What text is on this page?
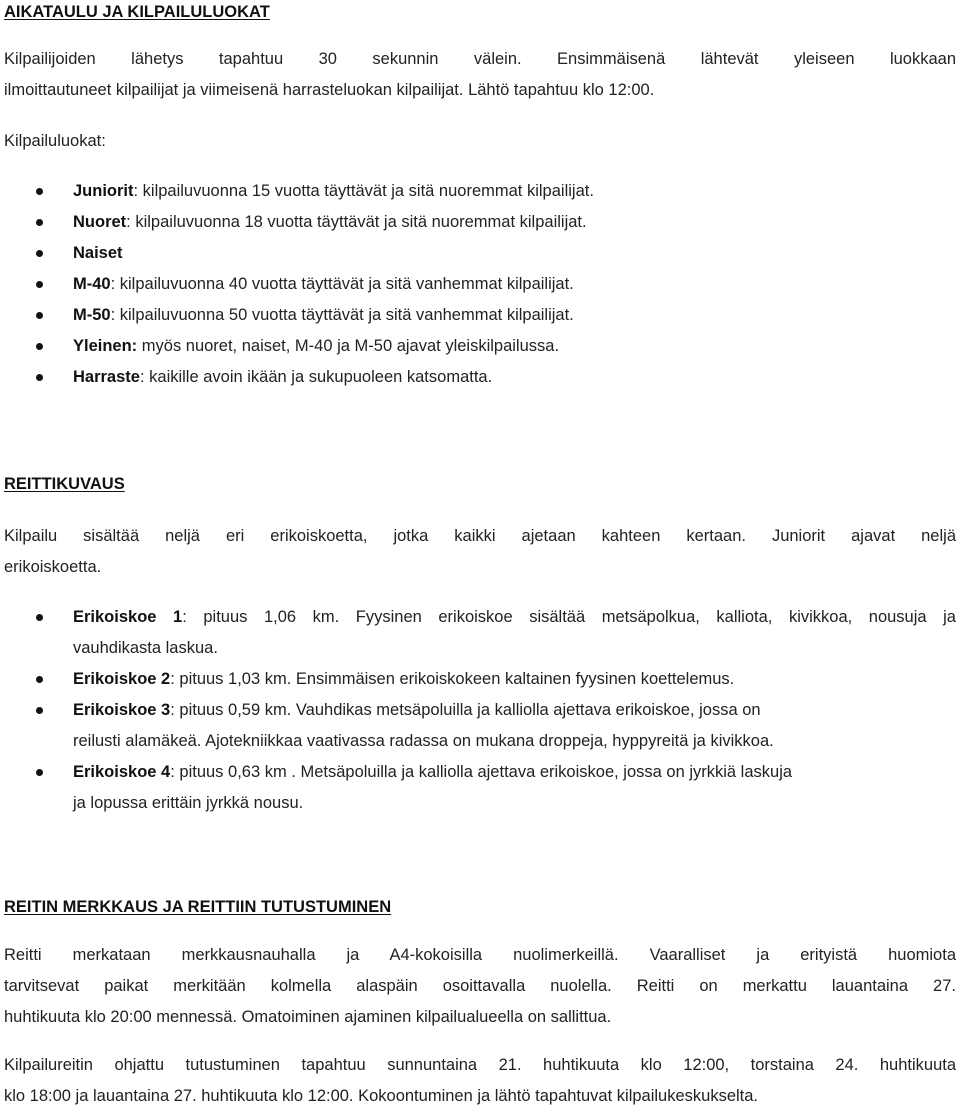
AIKATAULU JA KILPAILULUOKAT
Kilpailijoiden lähetys tapahtuu 30 sekunnin välein. Ensimmäisenä lähtevät yleiseen luokkaan
ilmoittautuneet kilpailijat ja viimeisenä harrasteluokan kilpailijat. Lähtö tapahtuu klo 12:00.
Kilpailuluokat:
Juniorit: kilpailuvuonna 15 vuotta täyttävät ja sitä nuoremmat kilpailijat.
Nuoret: kilpailuvuonna 18 vuotta täyttävät ja sitä nuoremmat kilpailijat.
Naiset
M-40: kilpailuvuonna 40 vuotta täyttävät ja sitä vanhemmat kilpailijat.
M-50: kilpailuvuonna 50 vuotta täyttävät ja sitä vanhemmat kilpailijat.
Yleinen: myös nuoret, naiset, M-40 ja M-50 ajavat yleiskilpailussa.
Harraste: kaikille avoin ikään ja sukupuoleen katsomatta.
REITTIKUVAUS
Kilpailu sisältää neljä eri erikoiskoetta, jotka kaikki ajetaan kahteen kertaan. Juniorit ajavat neljä
erikoiskoetta.
Erikoiskoe 1: pituus 1,06 km. Fyysinen erikoiskoe sisältää metsäpolkua, kalliota, kivikkoa, nousuja ja
vauhdikasta laskua.
Erikoiskoe 2: pituus 1,03 km. Ensimmäisen erikoiskokeen kaltainen fyysinen koettelemus.
Erikoiskoe 3: pituus 0,59 km. Vauhdikas metsäpoluilla ja kalliolla ajettava erikoiskoe, jossa on
reilusti alamäkeä. Ajotekniikkaa vaativassa radassa on mukana droppeja, hyppyreitä ja kivikkoa.
Erikoiskoe 4: pituus 0,63 km . Metsäpoluilla ja kalliolla ajettava erikoiskoe, jossa on jyrkkiä laskuja
ja lopussa erittäin jyrkkä nousu.
REITIN MERKKAUS JA REITTIIN TUTUSTUMINEN
Reitti merkataan merkkausnauhalla ja A4-kokoisilla nuolimerkeillä. Vaaralliset ja erityistä huomiota
tarvitsevat paikat merkitään kolmella alaspäin osoittavalla nuolella. Reitti on merkattu lauantaina 27.
huhtikuuta klo 20:00 mennessä. Omatoiminen ajaminen kilpailualueella on sallittua.
Kilpailureitin ohjattu tutustuminen tapahtuu sunnuntaina 21. huhtikuuta klo 12:00, torstaina 24. huhtikuuta
klo 18:00 ja lauantaina 27. huhtikuuta klo 12:00. Kokoontuminen ja lähtö tapahtuvat kilpailukeskukselta.
